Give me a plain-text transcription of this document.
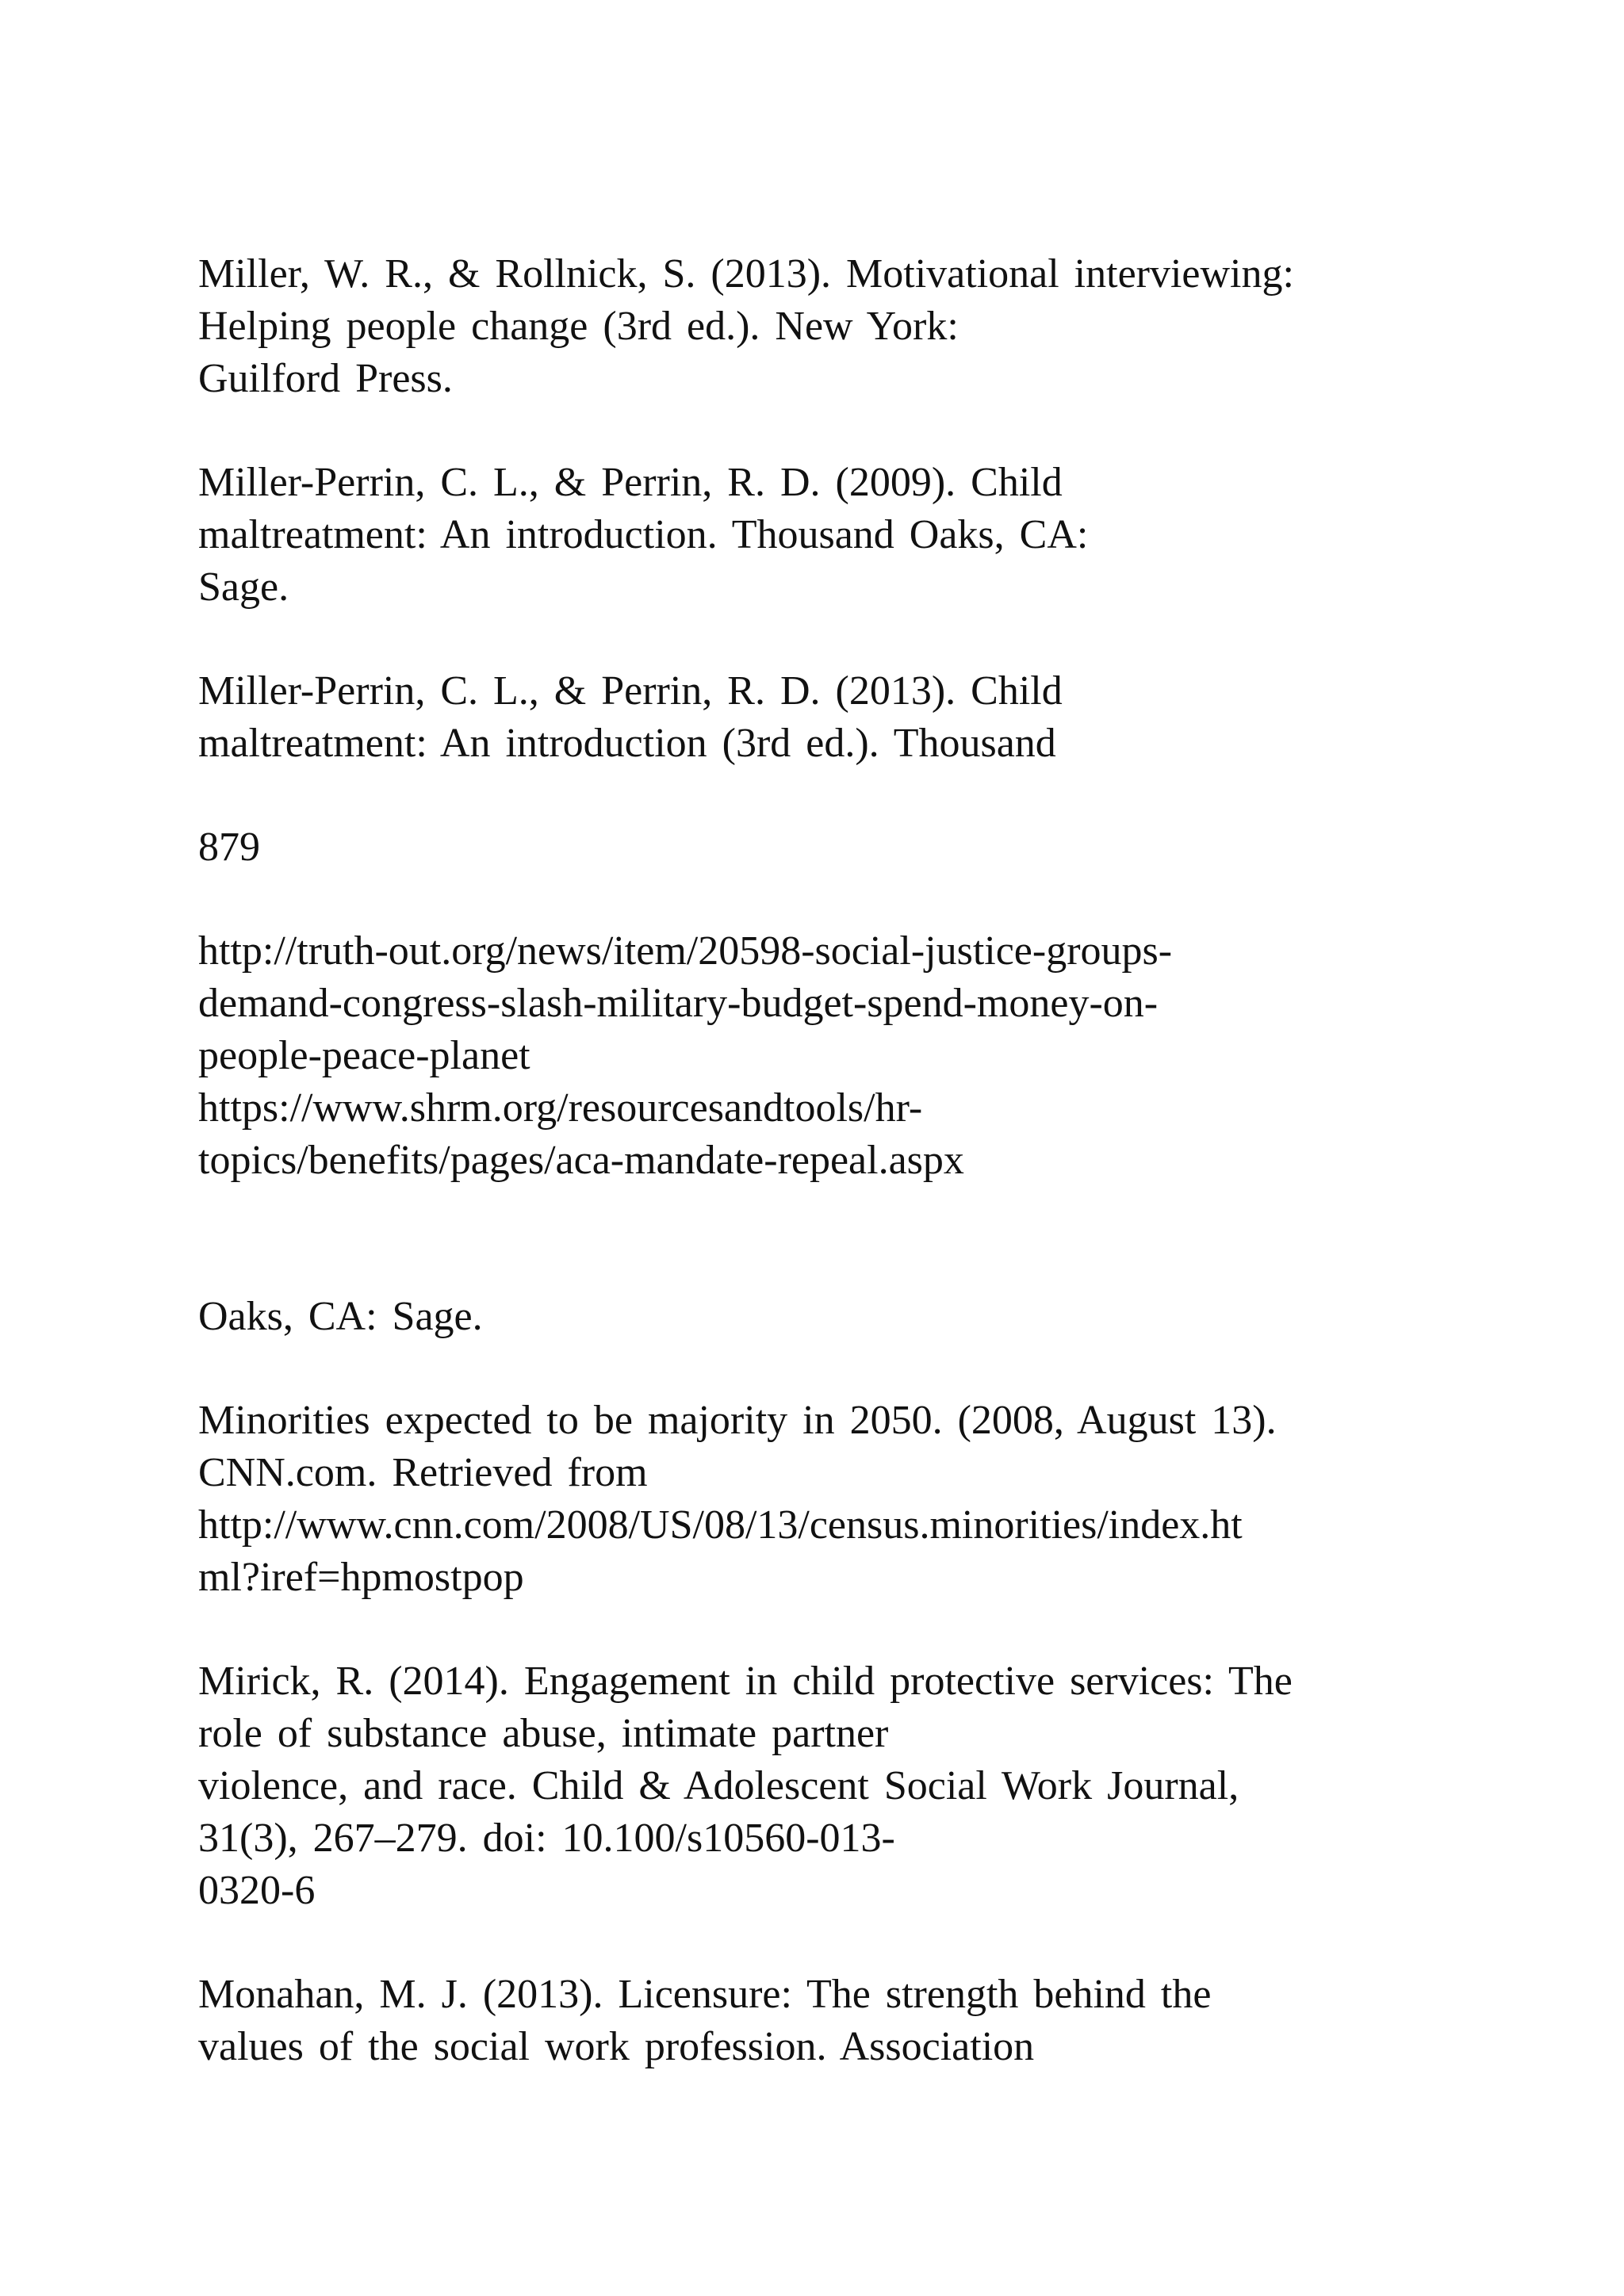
Miller, W. R., & Rollnick, S. (2013). Motivational interviewing:

Helping people change (3rd ed.). New York:

Guilford Press.

Miller-Perrin, C. L., & Perrin, R. D. (2009). Child

maltreatment: An introduction. Thousand Oaks, CA:

Sage.

Miller-Perrin, C. L., & Perrin, R. D. (2013). Child

maltreatment: An introduction (3rd ed.). Thousand

879

http://truth-out.org/news/item/20598-social-justice-groups-

demand-congress-slash-military-budget-spend-money-on-

people-peace-planet

https://www.shrm.org/resourcesandtools/hr-

topics/benefits/pages/aca-mandate-repeal.aspx

Oaks, CA: Sage.

Minorities expected to be majority in 2050. (2008, August 13).

CNN.com. Retrieved from

http://www.cnn.com/2008/US/08/13/census.minorities/index.ht

ml?iref=hpmostpop

Mirick, R. (2014). Engagement in child protective services: The

role of substance abuse, intimate partner

violence, and race. Child & Adolescent Social Work Journal,

31(3), 267–279. doi: 10.100/s10560-013-

0320-6

Monahan, M. J. (2013). Licensure: The strength behind the

values of the social work profession. Association
